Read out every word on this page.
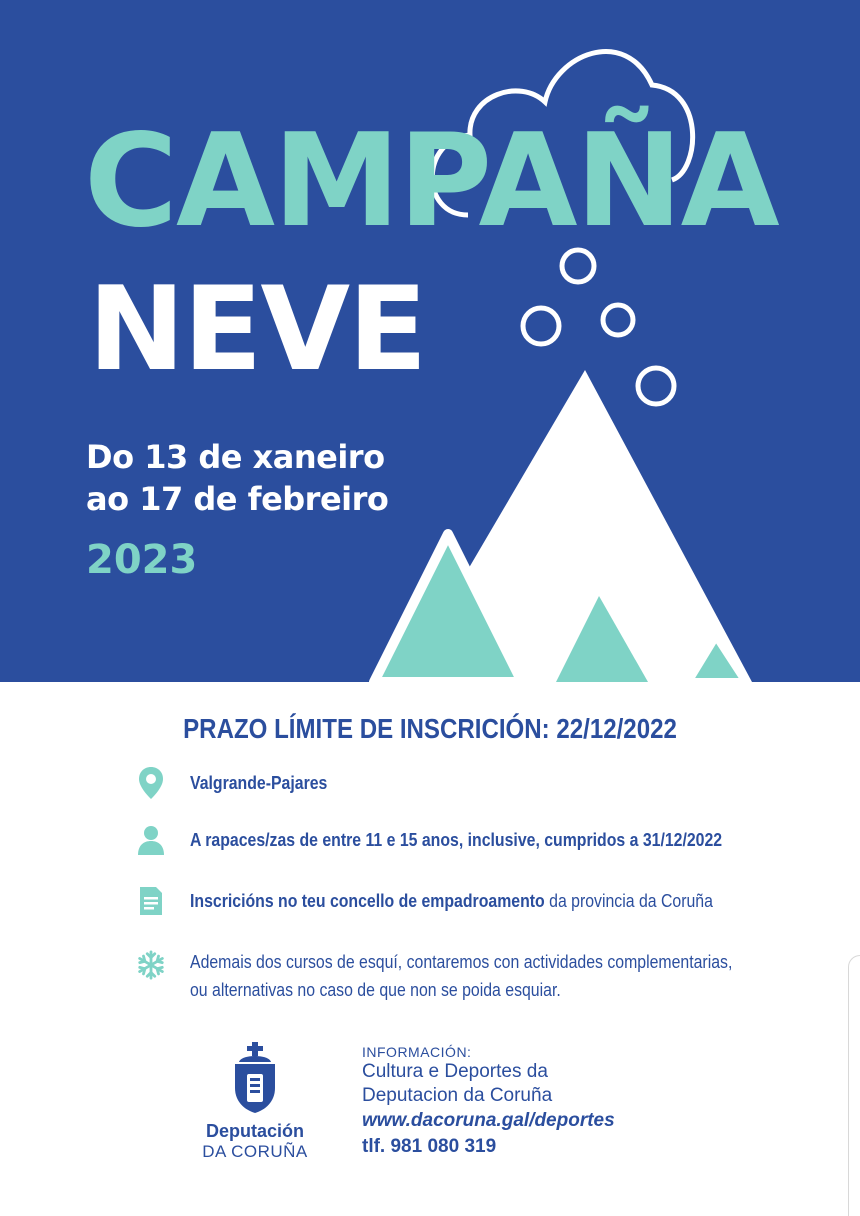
CAMPAÑA
NEVE
Do 13 de xaneiro
ao 17 de febreiro
2023
PRAZO LÍMITE DE INSCRICIÓN: 22/12/2022
Valgrande-Pajares
A rapaces/zas de entre 11 e 15 anos, inclusive, cumpridos a 31/12/2022
Inscricións no teu concello de empadroamento da provincia da Coruña
Ademais dos cursos de esquí, contaremos con actividades complementarias,
ou alternativas no caso de que non se poida esquiar.
Deputación
DA CORUÑA
INFORMACIÓN:
Cultura e Deportes da
Deputacion da Coruña
www.dacoruna.gal/deportes
tlf. 981 080 319
